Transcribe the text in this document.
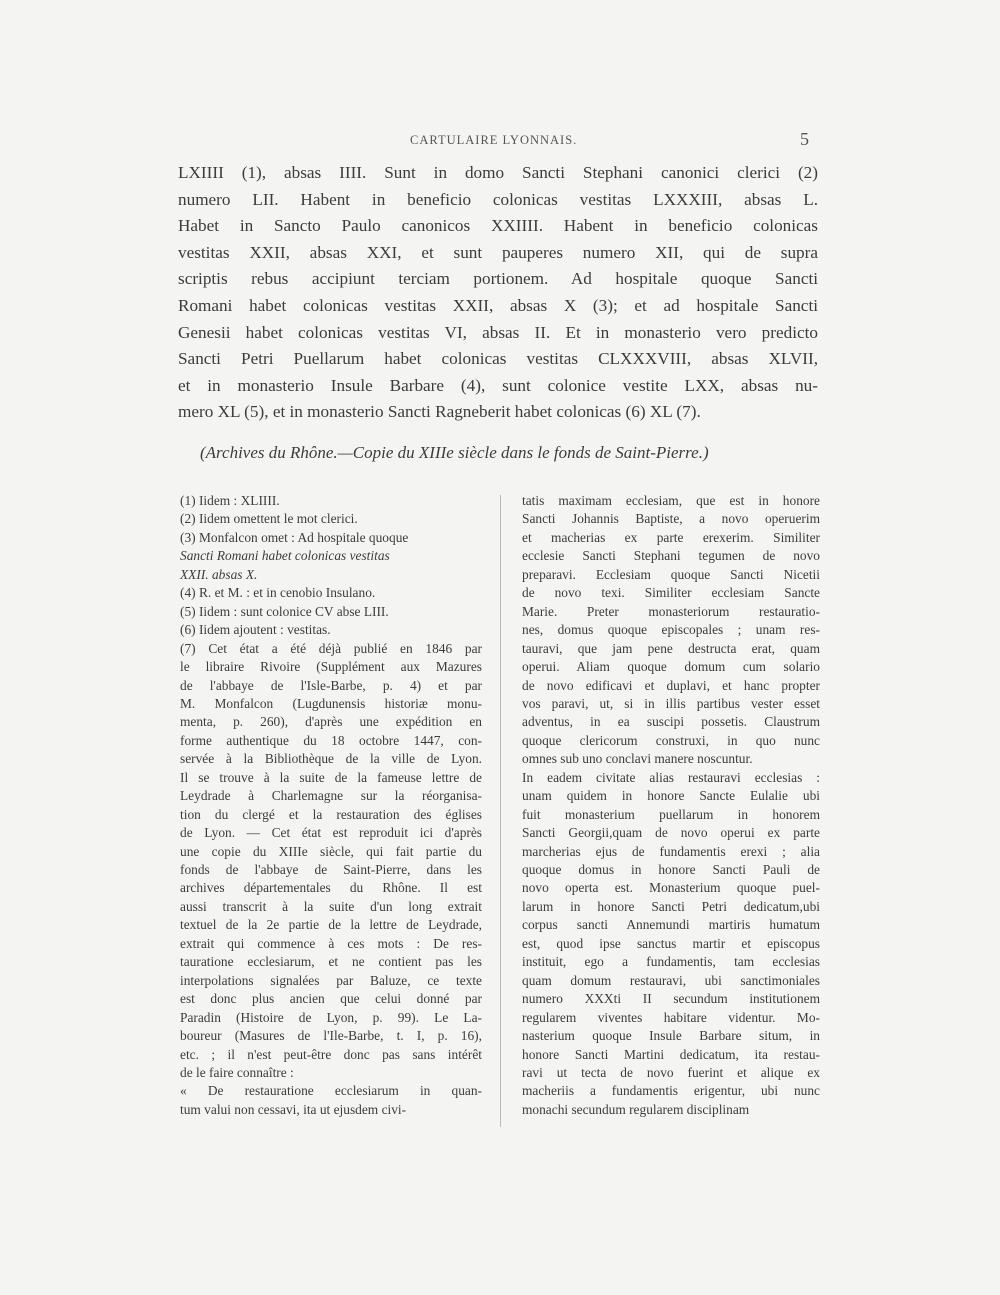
CARTULAIRE LYONNAIS.	5
LXIIII (1), absas IIII. Sunt in domo Sancti Stephani canonici clerici (2)
numero LII. Habent in beneficio colonicas vestitas LXXXIII, absas L.
Habet in Sancto Paulo canonicos XXIIII. Habent in beneficio colonicas
vestitas XXII, absas XXI, et sunt pauperes numero XII, qui de supra
scriptis rebus accipiunt terciam portionem. Ad hospitale quoque Sancti
Romani habet colonicas vestitas XXII, absas X (3); et ad hospitale Sancti
Genesii habet colonicas vestitas VI, absas II. Et in monasterio vero predicto
Sancti Petri Puellarum habet colonicas vestitas CLXXXVIII, absas XLVII,
et in monasterio Insule Barbare (4), sunt colonice vestite LXX, absas nu-
mero XL (5), et in monasterio Sancti Ragneberit habet colonicas (6) XL (7).
(Archives du Rhône.—Copie du XIIIe siècle dans le fonds de Saint-Pierre.)
(1) Iidem : XLIIII.
(2) Iidem omettent le mot clerici.
(3) Monfalcon omet : Ad hospitale quoque
Sancti Romani habet colonicas vestitas
XXII. absas X.
(4) R. et M. : et in cenobio Insulano.
(5) Iidem : sunt colonice CV abse LIII.
(6) Iidem ajoutent : vestitas.
(7) Cet état a été déjà publié en 1846 par
le libraire Rivoire (Supplément aux Mazures
de l'abbaye de l'Isle-Barbe, p. 4) et par
M. Monfalcon (Lugdunensis historiæ monu-
menta, p. 260), d'après une expédition en
forme authentique du 18 octobre 1447, con-
servée à la Bibliothèque de la ville de Lyon.
Il se trouve à la suite de la fameuse lettre de
Leydrade à Charlemagne sur la réorganisa-
tion du clergé et la restauration des églises
de Lyon. — Cet état est reproduit ici d'après
une copie du XIIIe siècle, qui fait partie du
fonds de l'abbaye de Saint-Pierre, dans les
archives départementales du Rhône. Il est
aussi transcrit à la suite d'un long extrait
textuel de la 2e partie de la lettre de Leydrade,
extrait qui commence à ces mots : De res-
tauratione ecclesiarum, et ne contient pas les
interpolations signalées par Baluze, ce texte
est donc plus ancien que celui donné par
Paradin (Histoire de Lyon, p. 99). Le La-
boureur (Masures de l'Ile-Barbe, t. I, p. 16),
etc. ; il n'est peut-être donc pas sans intérêt
de le faire connaître :
« De restauratione ecclesiarum in quan-
tum valui non cessavi, ita ut ejusdem civi-
tatis maximam ecclesiam, que est in honore
Sancti Johannis Baptiste, a novo operuerim
et macherias ex parte erexerim. Similiter
ecclesie Sancti Stephani tegumen de novo
preparavi. Ecclesiam quoque Sancti Nicetii
de novo texi. Similiter ecclesiam Sancte
Marie. Preter monasteriorum restauratio-
nes, domus quoque episcopales ; unam res-
tauravi, que jam pene destructa erat, quam
operui. Aliam quoque domum cum solario
de novo edificavi et duplavi, et hanc propter
vos paravi, ut, si in illis partibus vester esset
adventus, in ea suscipi possetis. Claustrum
quoque clericorum construxi, in quo nunc
omnes sub uno conclavi manere noscuntur.
In eadem civitate alias restauravi ecclesias :
unam quidem in honore Sancte Eulalie ubi
fuit monasterium puellarum in honorem
Sancti Georgii,quam de novo operui ex parte
marcherias ejus de fundamentis erexi ; alia
quoque domus in honore Sancti Pauli de
novo operta est. Monasterium quoque puel-
larum in honore Sancti Petri dedicatum,ubi
corpus sancti Annemundi martiris humatum
est, quod ipse sanctus martir et episcopus
instituit, ego a fundamentis, tam ecclesias
quam domum restauravi, ubi sanctimoniales
numero XXXti II secundum institutionem
regularem viventes habitare videntur. Mo-
nasterium quoque Insule Barbare situm, in
honore Sancti Martini dedicatum, ita restau-
ravi ut tecta de novo fuerint et alique ex
macheriis a fundamentis erigentur, ubi nunc
monachi secundum regularem disciplinam
